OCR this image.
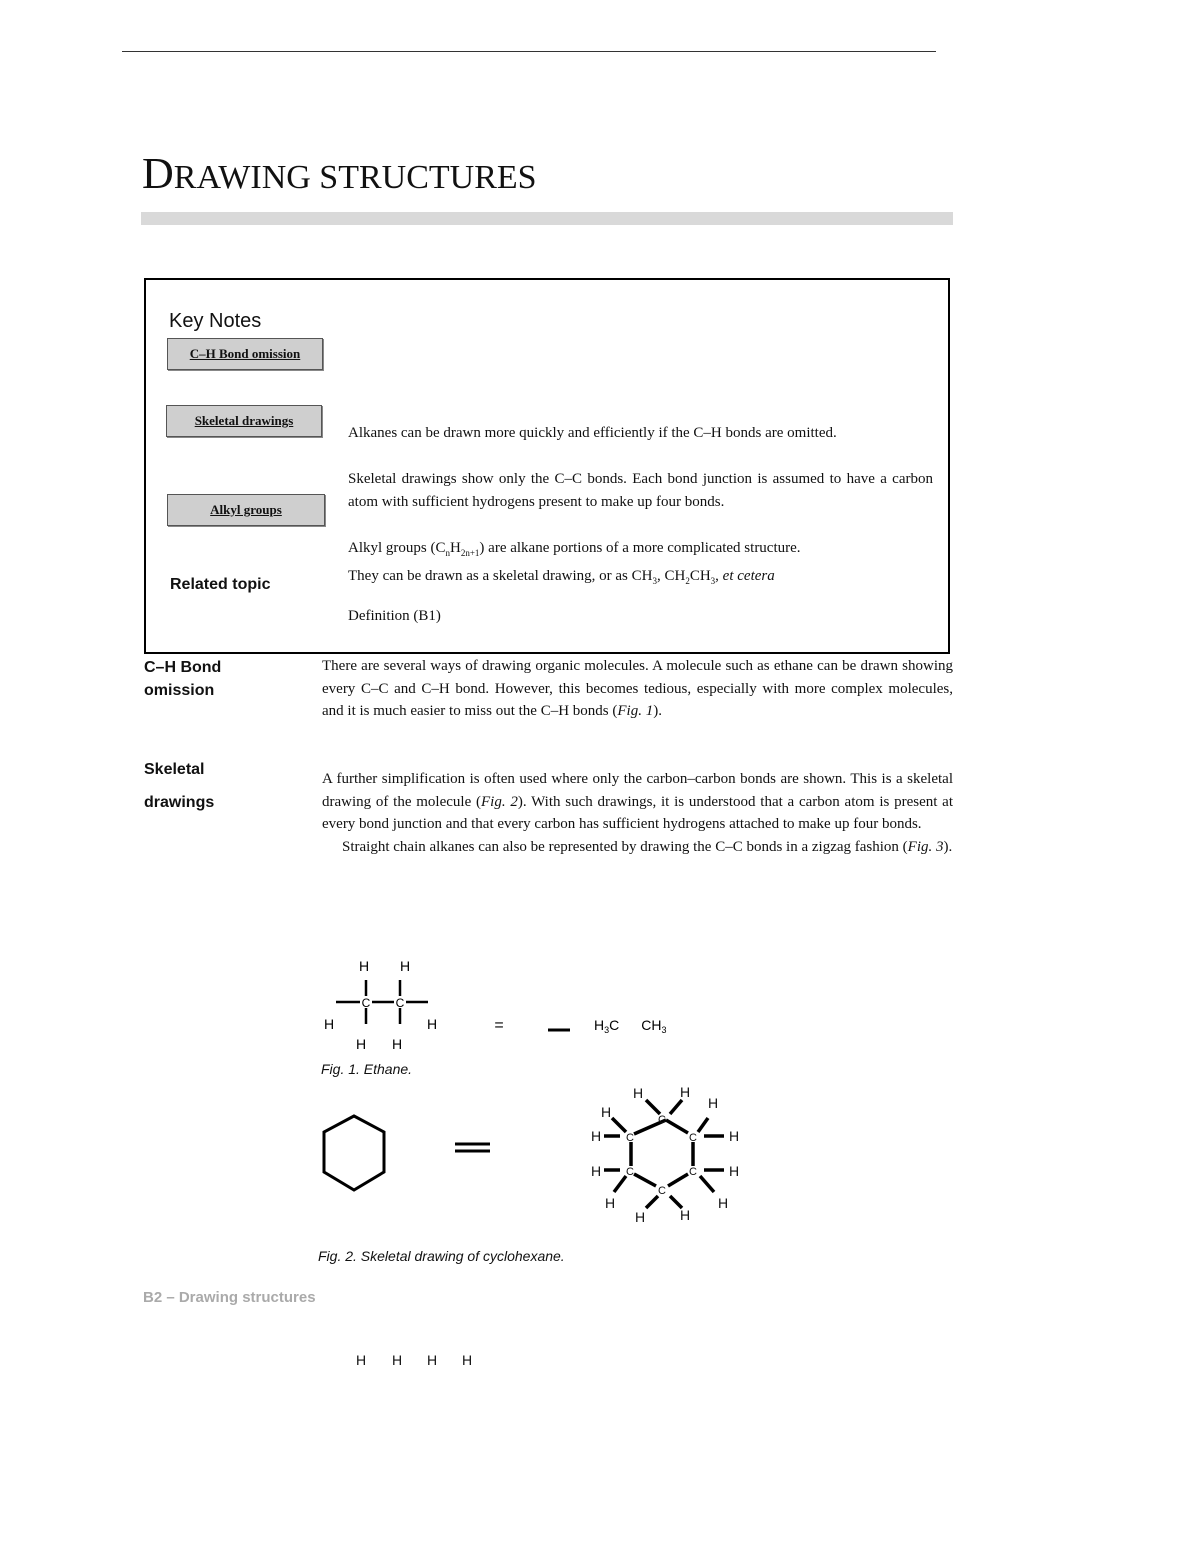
DRAWING STRUCTURES
Key Notes
C–H Bond omission
Skeletal drawings
Alkyl groups
Related topic
Alkanes can be drawn more quickly and efficiently if the C–H bonds are omitted.
Skeletal drawings show only the C–C bonds. Each bond junction is assumed to have a carbon atom with sufficient hydrogens present to make up four bonds.
Alkyl groups $(C_nH_{2n+1})$ are alkane portions of a more complicated structure.
They can be drawn as a skeletal drawing, or as $CH_3$, $CH_2CH_3$, et cetera
Definition (B1)
C–H Bond
omission
There are several ways of drawing organic molecules. A molecule such as ethane can be drawn showing every C–C and C–H bond. However, this becomes tedious, especially with more complex molecules, and it is much easier to miss out the C–H bonds (Fig. 1).
Skeletal
drawings
A further simplification is often used where only the carbon–carbon bonds are shown. This is a skeletal drawing of the molecule (Fig. 2). With such drawings, it is understood that a carbon atom is present at every bond junction and that every carbon has sufficient hydrogens attached to make up four bonds.
Straight chain alkanes can also be represented by drawing the C–C bonds in a zigzag fashion (Fig. 3).
H H
C C
H	H
H H
=	$H_3C$ $CH_3$
Fig. 1. Ethane.
C
C	C
C	C
C
H	H
H
H
H	H
H	H
H	H
H H
Fig. 2. Skeletal drawing of cyclohexane.
B2 – Drawing structures
H H H H
